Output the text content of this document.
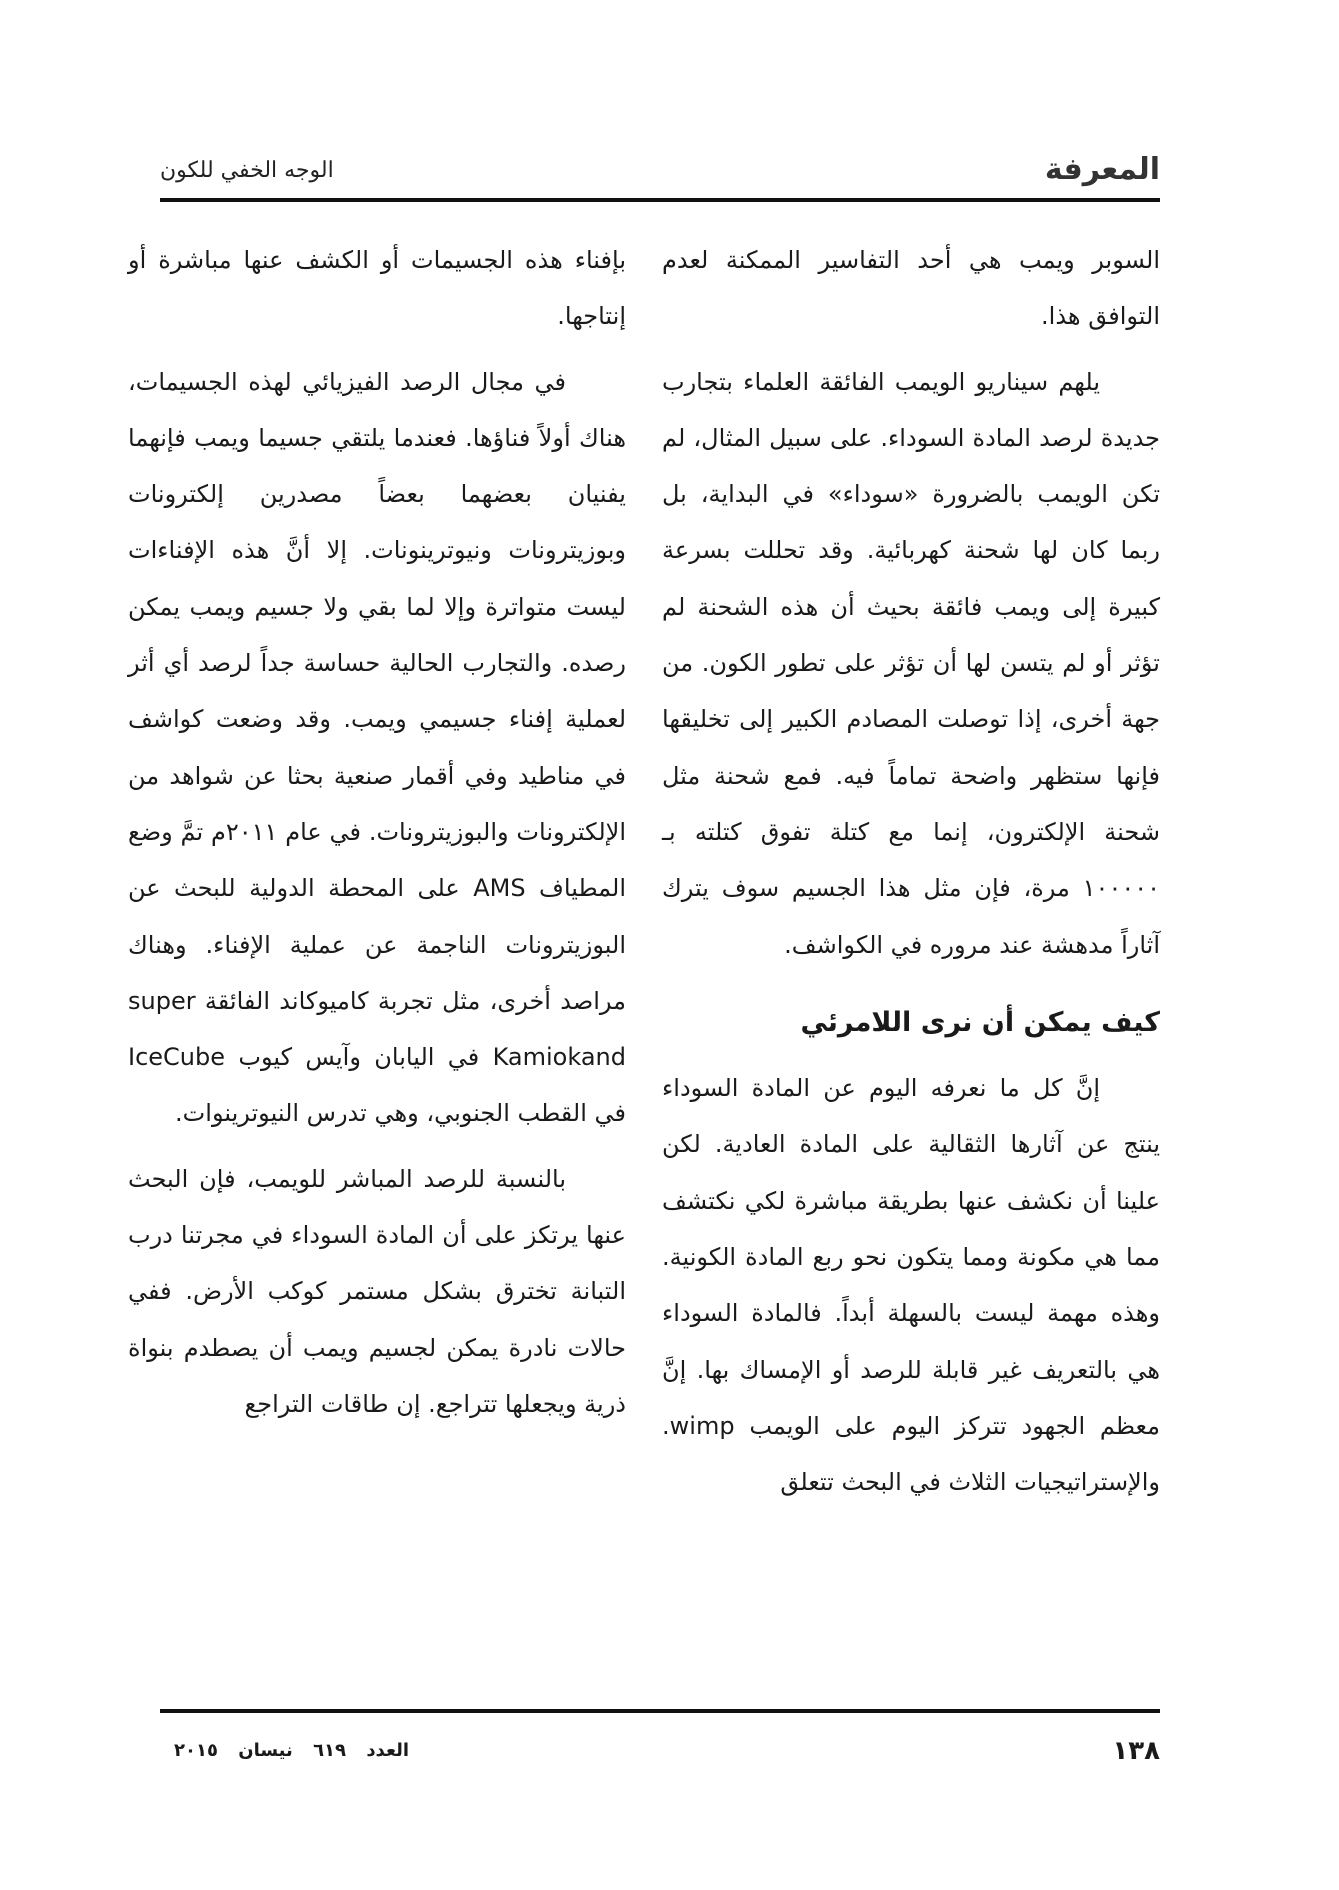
المعرفة
الوجه الخفي للكون

السوبر ويمب هي أحد التفاسير الممكنة لعدم التوافق هذا.

يلهم سيناريو الويمب الفائقة العلماء بتجارب جديدة لرصد المادة السوداء. على سبيل المثال، لم تكن الويمب بالضرورة «سوداء» في البداية، بل ربما كان لها شحنة كهربائية. وقد تحللت بسرعة كبيرة إلى ويمب فائقة بحيث أن هذه الشحنة لم تؤثر أو لم يتسن لها أن تؤثر على تطور الكون. من جهة أخرى، إذا توصلت المصادم الكبير إلى تخليقها فإنها ستظهر واضحة تماماً فيه. فمع شحنة مثل شحنة الإلكترون، إنما مع كتلة تفوق كتلته بـ ١٠٠٠٠٠ مرة، فإن مثل هذا الجسيم سوف يترك آثاراً مدهشة عند مروره في الكواشف.

كيف يمكن أن نرى اللامرئي

إنَّ كل ما نعرفه اليوم عن المادة السوداء ينتج عن آثارها الثقالية على المادة العادية. لكن علينا أن نكشف عنها بطريقة مباشرة لكي نكتشف مما هي مكونة ومما يتكون نحو ربع المادة الكونية. وهذه مهمة ليست بالسهلة أبداً. فالمادة السوداء هي بالتعريف غير قابلة للرصد أو الإمساك بها. إنَّ معظم الجهود تتركز اليوم على الويمب wimp. والإستراتيجيات الثلاث في البحث تتعلق

بإفناء هذه الجسيمات أو الكشف عنها مباشرة أو إنتاجها.

في مجال الرصد الفيزيائي لهذه الجسيمات، هناك أولاً فناؤها. فعندما يلتقي جسيما ويمب فإنهما يفنيان بعضهما بعضاً مصدرين إلكترونات وبوزيترونات ونيوترينونات. إلا أنَّ هذه الإفناءات ليست متواترة وإلا لما بقي ولا جسيم ويمب يمكن رصده. والتجارب الحالية حساسة جداً لرصد أي أثر لعملية إفناء جسيمي ويمب. وقد وضعت كواشف في مناطيد وفي أقمار صنعية بحثا عن شواهد من الإلكترونات والبوزيترونات. في عام ٢٠١١م تمَّ وضع المطياف AMS على المحطة الدولية للبحث عن البوزيترونات الناجمة عن عملية الإفناء. وهناك مراصد أخرى، مثل تجربة كاميوكاند الفائقة super Kamiokand في اليابان وآيس كيوب IceCube في القطب الجنوبي، وهي تدرس النيوترينوات.

بالنسبة للرصد المباشر للويمب، فإن البحث عنها يرتكز على أن المادة السوداء في مجرتنا درب التبانة تخترق بشكل مستمر كوكب الأرض. ففي حالات نادرة يمكن لجسيم ويمب أن يصطدم بنواة ذرية ويجعلها تتراجع. إن طاقات التراجع

١٣٨
العدد ٦١٩ نيسان ٢٠١٥
